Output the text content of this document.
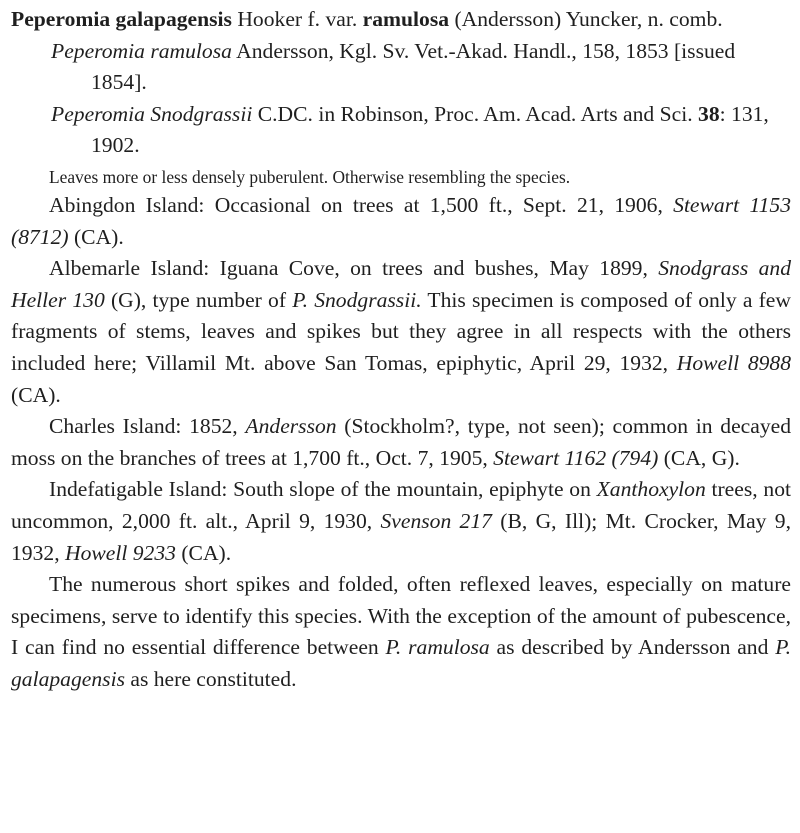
Peperomia galapagensis Hooker f. var. ramulosa (Andersson) Yuncker, n. comb.

Peperomia ramulosa Andersson, Kgl. Sv. Vet.-Akad. Handl., 158, 1853 [issued 1854].

Peperomia Snodgrassii C.DC. in Robinson, Proc. Am. Acad. Arts and Sci. 38: 131, 1902.

Leaves more or less densely puberulent. Otherwise resembling the species.

Abingdon Island: Occasional on trees at 1,500 ft., Sept. 21, 1906, Stewart 1153 (8712) (CA).

Albemarle Island: Iguana Cove, on trees and bushes, May 1899, Snodgrass and Heller 130 (G), type number of P. Snodgrassii. This specimen is composed of only a few fragments of stems, leaves and spikes but they agree in all respects with the others included here; Villamil Mt. above San Tomas, epiphytic, April 29, 1932, Howell 8988 (CA).

Charles Island: 1852, Andersson (Stockholm?, type, not seen); common in decayed moss on the branches of trees at 1,700 ft., Oct. 7, 1905, Stewart 1162 (794) (CA, G).

Indefatigable Island: South slope of the mountain, epiphyte on Xanthoxylon trees, not uncommon, 2,000 ft. alt., April 9, 1930, Svenson 217 (B, G, Ill); Mt. Crocker, May 9, 1932, Howell 9233 (CA).

The numerous short spikes and folded, often reflexed leaves, especially on mature specimens, serve to identify this species. With the exception of the amount of pubescence, I can find no essential difference between P. ramulosa as described by Andersson and P. galapagensis as here constituted.
